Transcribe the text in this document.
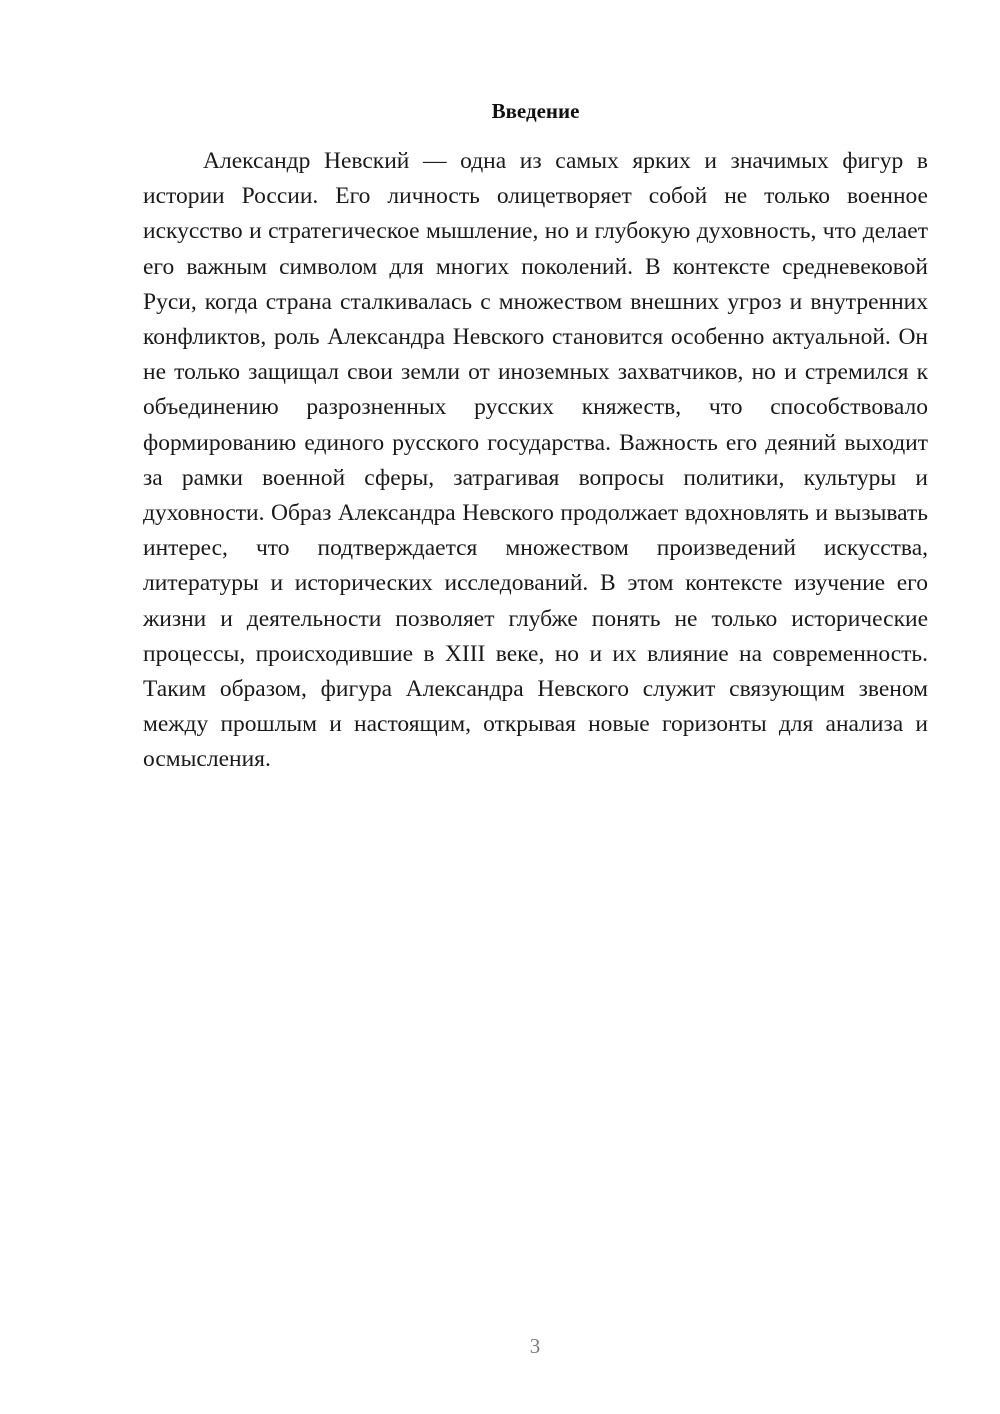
Введение

Александр Невский — одна из самых ярких и значимых фигур в истории России. Его личность олицетворяет собой не только военное искусство и стратегическое мышление, но и глубокую духовность, что делает его важным символом для многих поколений. В контексте средневековой Руси, когда страна сталкивалась с множеством внешних угроз и внутренних конфликтов, роль Александра Невского становится особенно актуальной. Он не только защищал свои земли от иноземных захватчиков, но и стремился к объединению разрозненных русских княжеств, что способствовало формированию единого русского государства. Важность его деяний выходит за рамки военной сферы, затрагивая вопросы политики, культуры и духовности. Образ Александра Невского продолжает вдохновлять и вызывать интерес, что подтверждается множеством произведений искусства, литературы и исторических исследований. В этом контексте изучение его жизни и деятельности позволяет глубже понять не только исторические процессы, происходившие в XIII веке, но и их влияние на современность. Таким образом, фигура Александра Невского служит связующим звеном между прошлым и настоящим, открывая новые горизонты для анализа и осмысления.

3
